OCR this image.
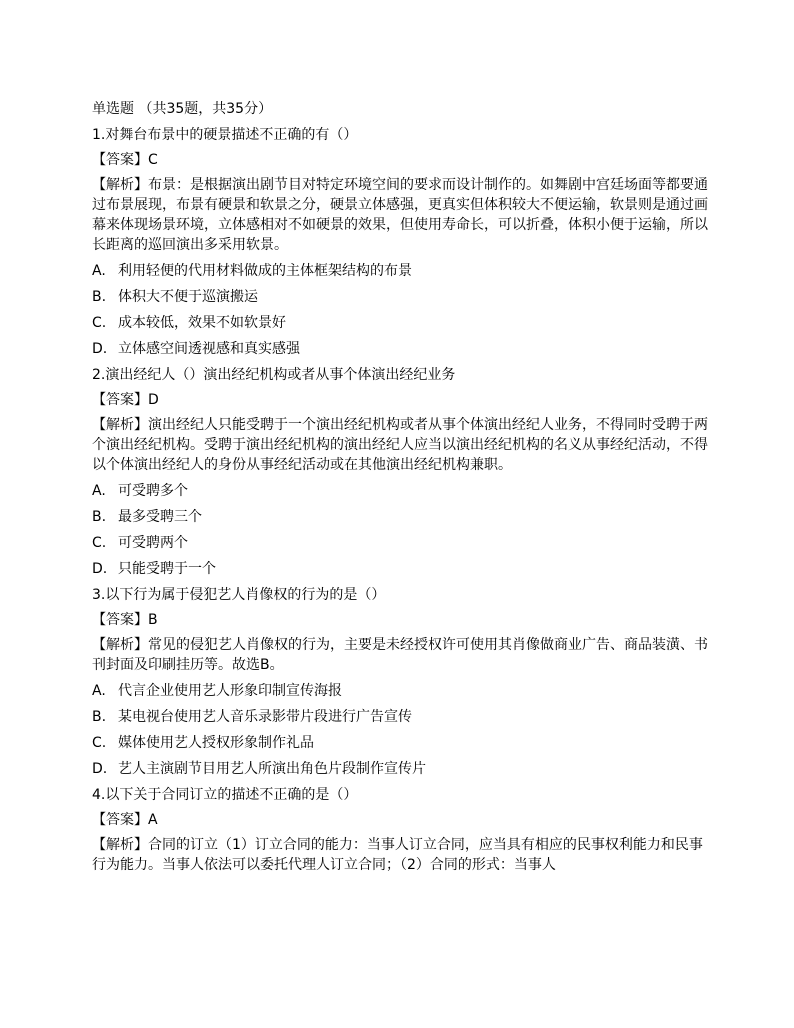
单选题 （共35题，共35分）
1.对舞台布景中的硬景描述不正确的有（）
【答案】C
【解析】布景：是根据演出剧节目对特定环境空间的要求而设计制作的。如舞剧中宫廷场面等都要通过布景展现，布景有硬景和软景之分，硬景立体感强，更真实但体积较大不便运输，软景则是通过画幕来体现场景环境，立体感相对不如硬景的效果，但使用寿命长，可以折叠，体积小便于运输，所以长距离的巡回演出多采用软景。
A. 利用轻便的代用材料做成的主体框架结构的布景
B. 体积大不便于巡演搬运
C. 成本较低，效果不如软景好
D. 立体感空间透视感和真实感强
2.演出经纪人（）演出经纪机构或者从事个体演出经纪业务
【答案】D
【解析】演出经纪人只能受聘于一个演出经纪机构或者从事个体演出经纪人业务，不得同时受聘于两个演出经纪机构。受聘于演出经纪机构的演出经纪人应当以演出经纪机构的名义从事经纪活动，不得以个体演出经纪人的身份从事经纪活动或在其他演出经纪机构兼职。
A. 可受聘多个
B. 最多受聘三个
C. 可受聘两个
D. 只能受聘于一个
3.以下行为属于侵犯艺人肖像权的行为的是（）
【答案】B
【解析】常见的侵犯艺人肖像权的行为，主要是未经授权许可使用其肖像做商业广告、商品装潢、书刊封面及印刷挂历等。故选B。
A. 代言企业使用艺人形象印制宣传海报
B. 某电视台使用艺人音乐录影带片段进行广告宣传
C. 媒体使用艺人授权形象制作礼品
D. 艺人主演剧节目用艺人所演出角色片段制作宣传片
4.以下关于合同订立的描述不正确的是（）
【答案】A
【解析】合同的订立（1）订立合同的能力：当事人订立合同，应当具有相应的民事权利能力和民事行为能力。当事人依法可以委托代理人订立合同；（2）合同的形式：当事人
